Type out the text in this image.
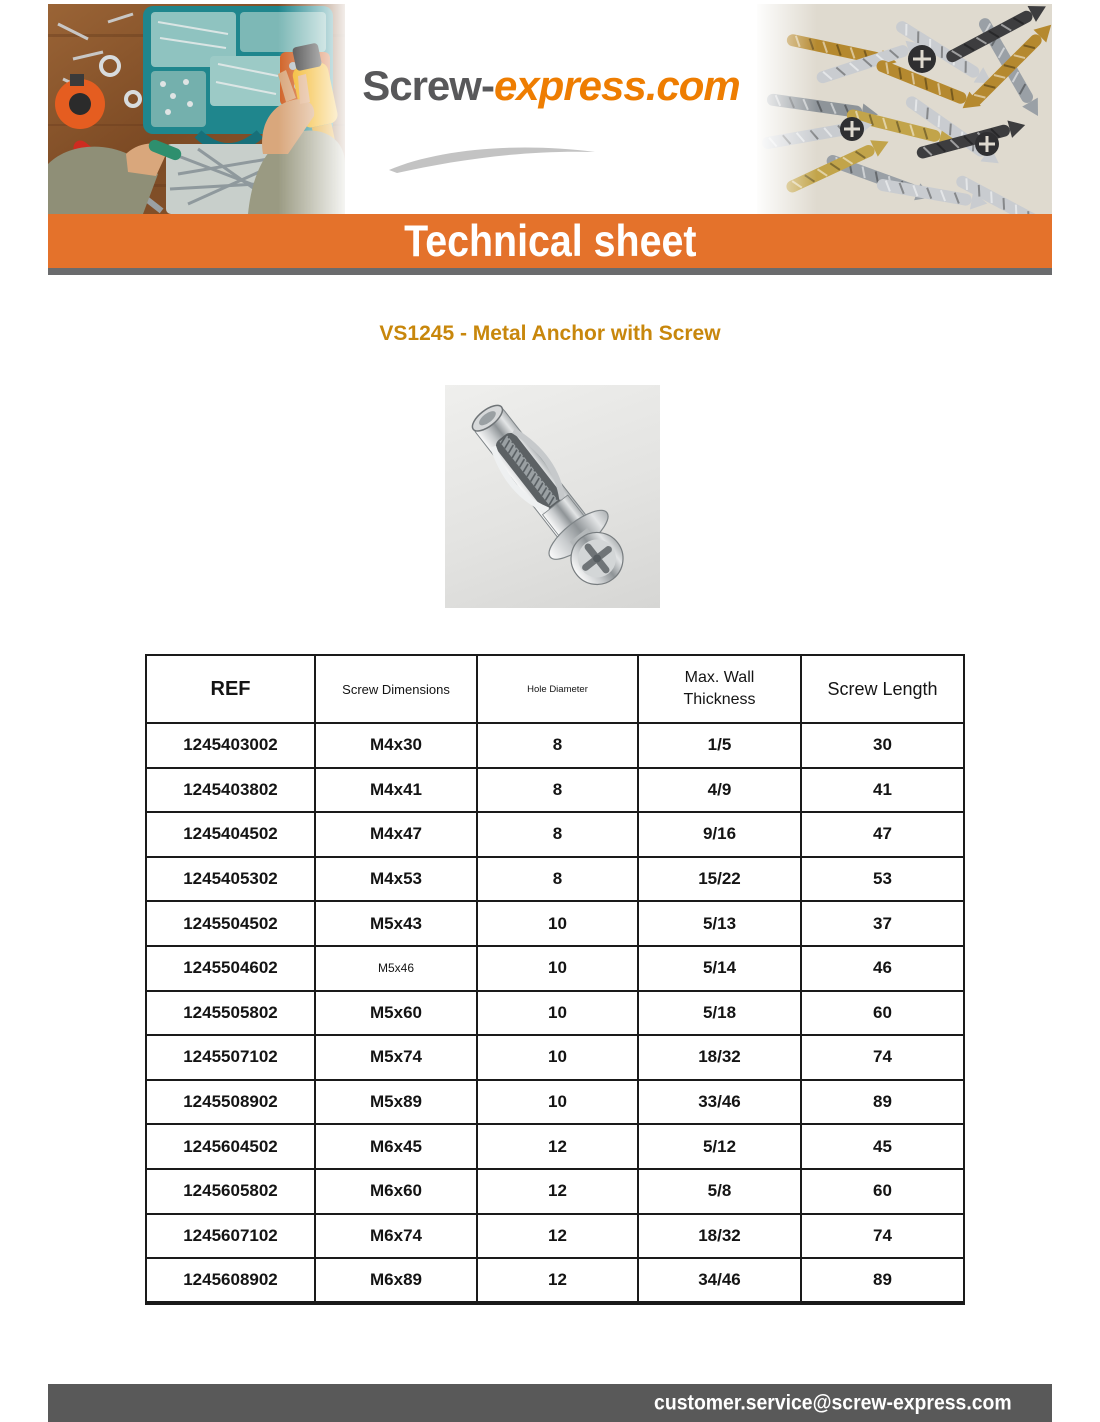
Screw-express.com
Technical sheet
VS1245 - Metal Anchor with Screw
REF	Screw Dimensions	Hole Diameter	Max. Wall Thickness	Screw Length
1245403002	M4x30	8	1/5	30
1245403802	M4x41	8	4/9	41
1245404502	M4x47	8	9/16	47
1245405302	M4x53	8	15/22	53
1245504502	M5x43	10	5/13	37
1245504602	M5x46	10	5/14	46
1245505802	M5x60	10	5/18	60
1245507102	M5x74	10	18/32	74
1245508902	M5x89	10	33/46	89
1245604502	M6x45	12	5/12	45
1245605802	M6x60	12	5/8	60
1245607102	M6x74	12	18/32	74
1245608902	M6x89	12	34/46	89
customer.service@screw-express.com
